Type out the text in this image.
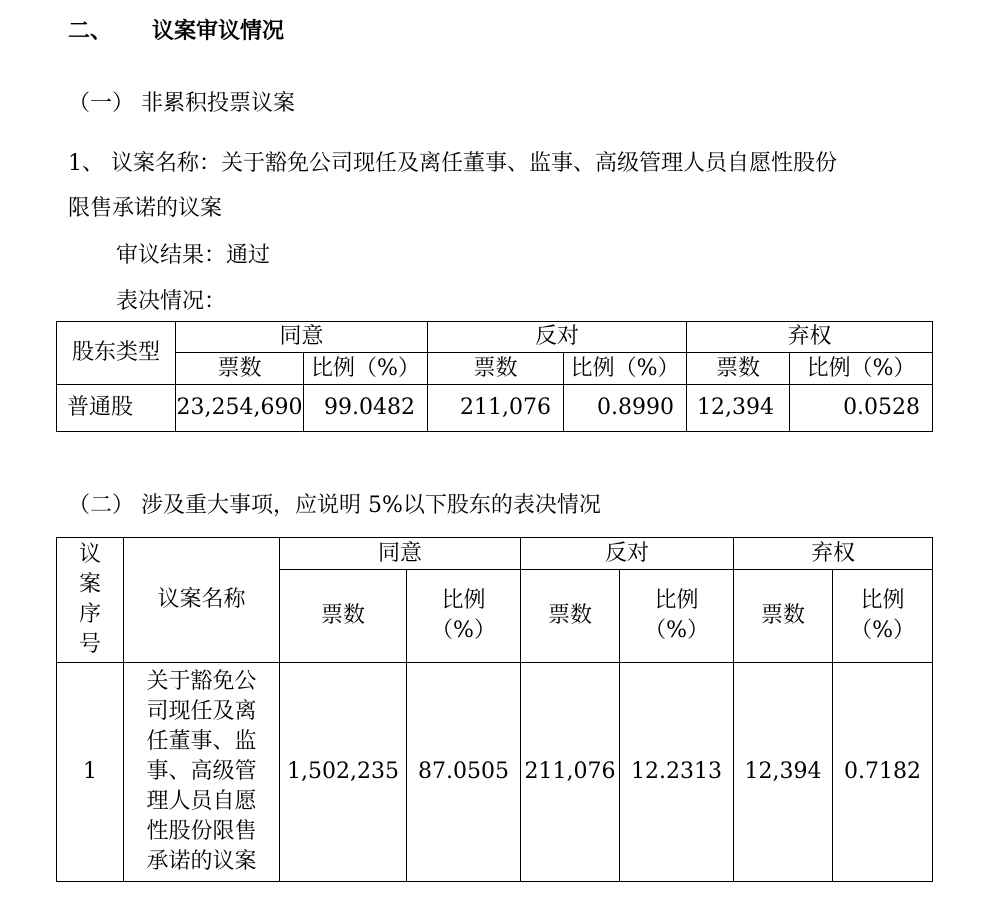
二、 议案审议情况
（一） 非累积投票议案
1、 议案名称：关于豁免公司现任及离任董事、监事、高级管理人员自愿性股份
限售承诺的议案
审议结果：通过
表决情况：
股东类型	同意		反对		弃权	
	票数	比例（%）	票数	比例（%）	票数	比例（%）
普通股	23,254,690	99.0482	211,076	0.8990	12,394	0.0528
（二） 涉及重大事项，应说明 5%以下股东的表决情况
议案序号	议案名称	同意		反对		弃权	
		票数	比例（%）	票数	比例（%）	票数	比例（%）
1	关于豁免公司现任及离任董事、监事、高级管理人员自愿性股份限售承诺的议案	1,502,235	87.0505	211,076	12.2313	12,394	0.7182
